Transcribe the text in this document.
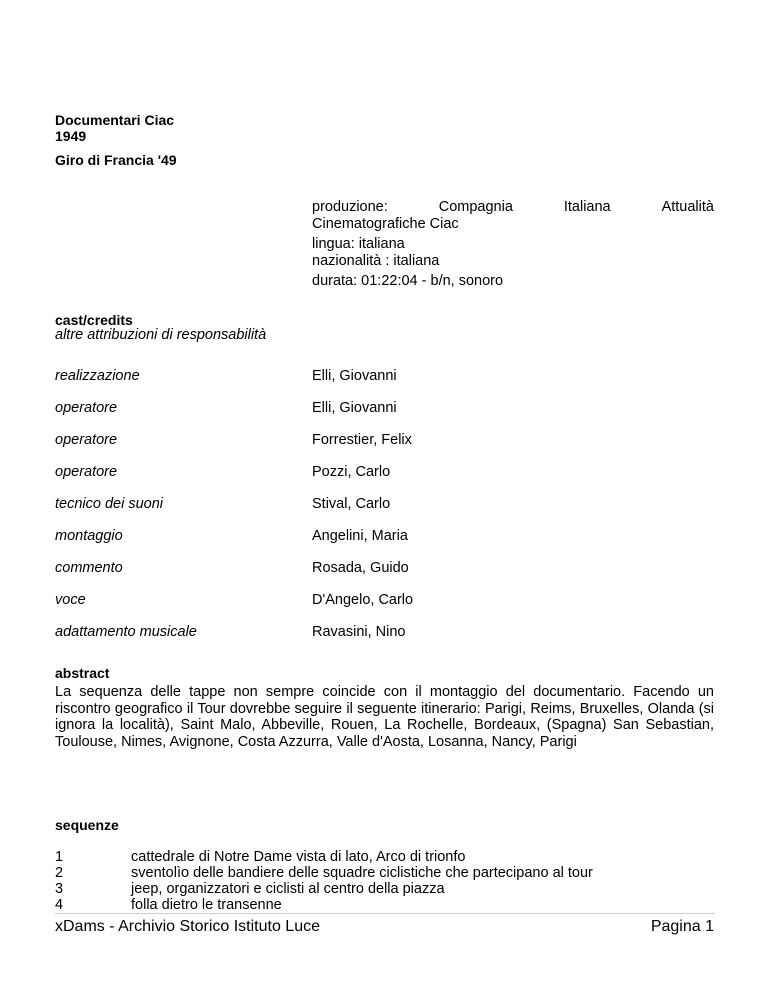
Documentari Ciac
1949
Giro di Francia '49
produzione:	Compagnia	Italiana	Attualità
Cinematografiche Ciac
lingua: italiana
nazionalità : italiana
durata: 01:22:04 - b/n, sonoro
cast/credits
altre attribuzioni di responsabilità
realizzazione	Elli, Giovanni
operatore	Elli, Giovanni
operatore	Forrestier, Felix
operatore	Pozzi, Carlo
tecnico dei suoni	Stival, Carlo
montaggio	Angelini, Maria
commento	Rosada, Guido
voce	D'Angelo, Carlo
adattamento musicale	Ravasini, Nino
abstract
La sequenza delle tappe non sempre coincide con il montaggio del documentario. Facendo un riscontro geografico il Tour dovrebbe seguire il seguente itinerario: Parigi, Reims, Bruxelles, Olanda (si ignora la località), Saint Malo, Abbeville, Rouen, La Rochelle, Bordeaux, (Spagna) San Sebastian, Toulouse, Nimes, Avignone, Costa Azzurra, Valle d'Aosta, Losanna, Nancy, Parigi
sequenze
1	cattedrale di Notre Dame vista di lato, Arco di trionfo
2	sventolìo delle bandiere delle squadre ciclistiche che partecipano al tour
3	jeep, organizzatori e ciclisti al centro della piazza
4	folla dietro le transenne
xDams - Archivio Storico Istituto Luce	Pagina 1
